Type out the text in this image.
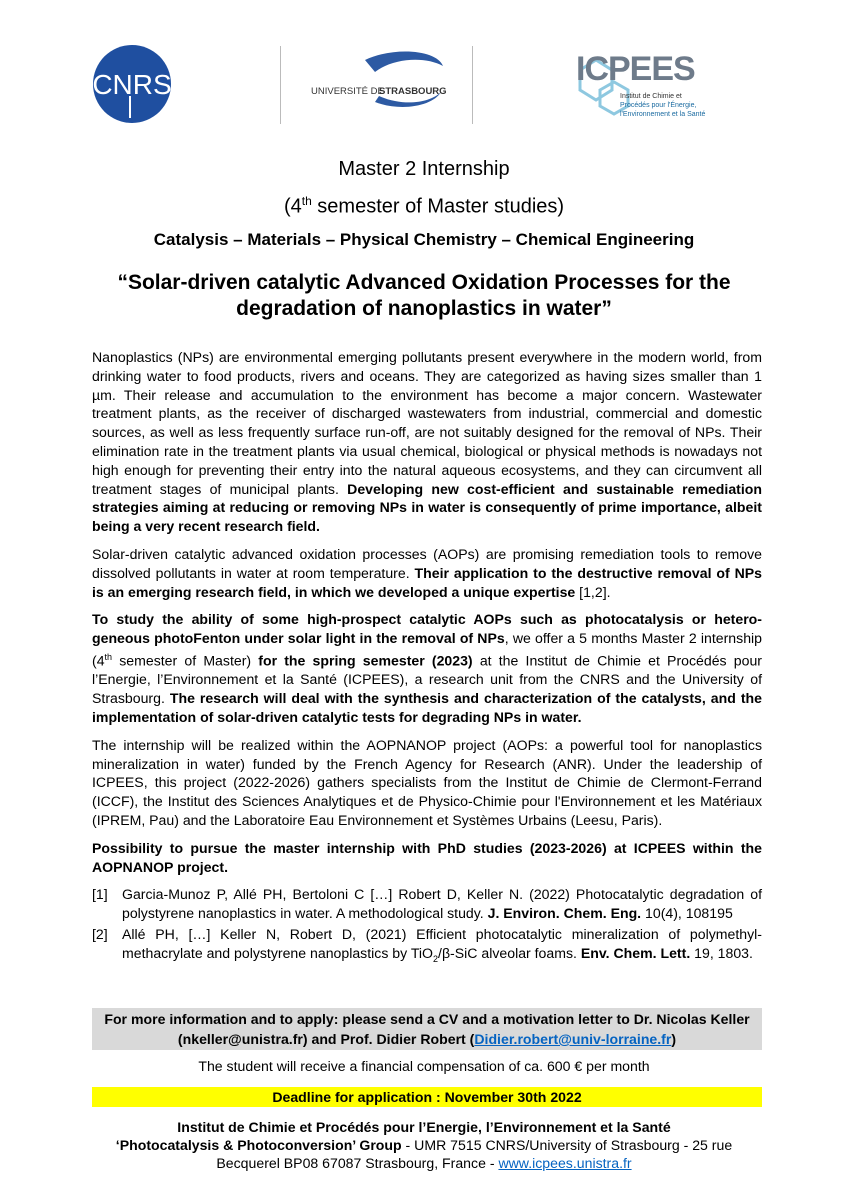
CNRS	UNIVERSITÉ DE
STRASBOURG
ICPEES
Institut de Chimie et
Procédés pour l'Énergie,
l'Environnement et la Santé
Master 2 Internship
(4th semester of Master studies)
Catalysis – Materials – Physical Chemistry – Chemical Engineering
“Solar-driven catalytic Advanced Oxidation Processes for the degradation of nanoplastics in water”

Nanoplastics (NPs) are environmental emerging pollutants present everywhere in the modern world, from drinking water to food products, rivers and oceans. They are categorized as having sizes smaller than 1 µm. Their release and accumulation to the environment has become a major concern. Wastewater treatment plants, as the receiver of discharged wastewaters from industrial, commercial and domestic sources, as well as less frequently surface run-off, are not suitably designed for the removal of NPs. Their elimination rate in the treatment plants via usual chemical, biological or physical methods is nowadays not high enough for preventing their entry into the natural aqueous ecosystems, and they can circumvent all treatment stages of municipal plants. Developing new cost-efficient and sustainable remediation strategies aiming at reducing or removing NPs in water is consequently of prime importance, albeit being a very recent research field.

Solar-driven catalytic advanced oxidation processes (AOPs) are promising remediation tools to remove dissolved pollutants in water at room temperature. Their application to the destructive removal of NPs is an emerging research field, in which we developed a unique expertise [1,2].

To study the ability of some high-prospect catalytic AOPs such as photocatalysis or hetero-geneous photoFenton under solar light in the removal of NPs, we offer a 5 months Master 2 internship (4th semester of Master) for the spring semester (2023) at the Institut de Chimie et Procédés pour l’Energie, l’Environnement et la Santé (ICPEES), a research unit from the CNRS and the University of Strasbourg. The research will deal with the synthesis and characterization of the catalysts, and the implementation of solar-driven catalytic tests for degrading NPs in water.

The internship will be realized within the AOPNANOP project (AOPs: a powerful tool for nanoplastics mineralization in water) funded by the French Agency for Research (ANR). Under the leadership of ICPEES, this project (2022-2026) gathers specialists from the Institut de Chimie de Clermont-Ferrand (ICCF), the Institut des Sciences Analytiques et de Physico-Chimie pour l'Environnement et les Matériaux (IPREM, Pau) and the Laboratoire Eau Environnement et Systèmes Urbains (Leesu, Paris).

Possibility to pursue the master internship with PhD studies (2023-2026) at ICPEES within the AOPNANOP project.

[1]	Garcia-Munoz P, Allé PH, Bertoloni C […] Robert D, Keller N. (2022) Photocatalytic degradation of polystyrene nanoplastics in water. A methodological study. J. Environ. Chem. Eng. 10(4), 108195
[2]	Allé PH, […] Keller N, Robert D, (2021) Efficient photocatalytic mineralization of polymethyl-methacrylate and polystyrene nanoplastics by TiO$_2$/β-SiC alveolar foams. Env. Chem. Lett. 19, 1803.
For more information and to apply: please send a CV and a motivation letter to Dr. Nicolas Keller (nkeller@unistra.fr) and Prof. Didier Robert (Didier.robert@univ-lorraine.fr)
The student will receive a financial compensation of ca. 600 € per month
Deadline for application : November 30th 2022
Institut de Chimie et Procédés pour l’Energie, l’Environnement et la Santé
‘Photocatalysis & Photoconversion’ Group - UMR 7515 CNRS/University of Strasbourg - 25 rue
Becquerel BP08 67087 Strasbourg, France - www.icpees.unistra.fr
